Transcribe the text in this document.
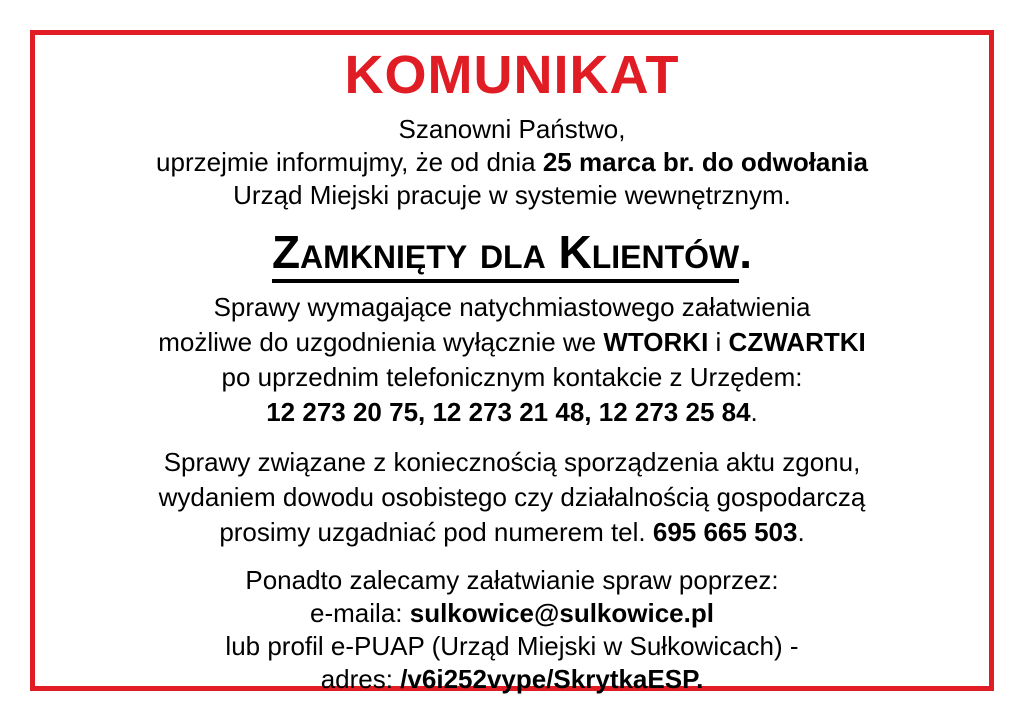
KOMUNIKAT

Szanowni Państwo,
uprzejmie informujmy, że od dnia 25 marca br. do odwołania
Urząd Miejski pracuje w systemie wewnętrznym.

Zamknięty dla Klientów.

Sprawy wymagające natychmiastowego załatwienia
możliwe do uzgodnienia wyłącznie we WTORKI i CZWARTKI
po uprzednim telefonicznym kontakcie z Urzędem:
12 273 20 75, 12 273 21 48, 12 273 25 84.

Sprawy związane z koniecznością sporządzenia aktu zgonu,
wydaniem dowodu osobistego czy działalnością gospodarczą
prosimy uzgadniać pod numerem tel. 695 665 503.

Ponadto zalecamy załatwianie spraw poprzez:
e-maila: sulkowice@sulkowice.pl
lub profil e-PUAP (Urząd Miejski w Sułkowicach) -
adres: /v6i252vype/SkrytkaESP.
